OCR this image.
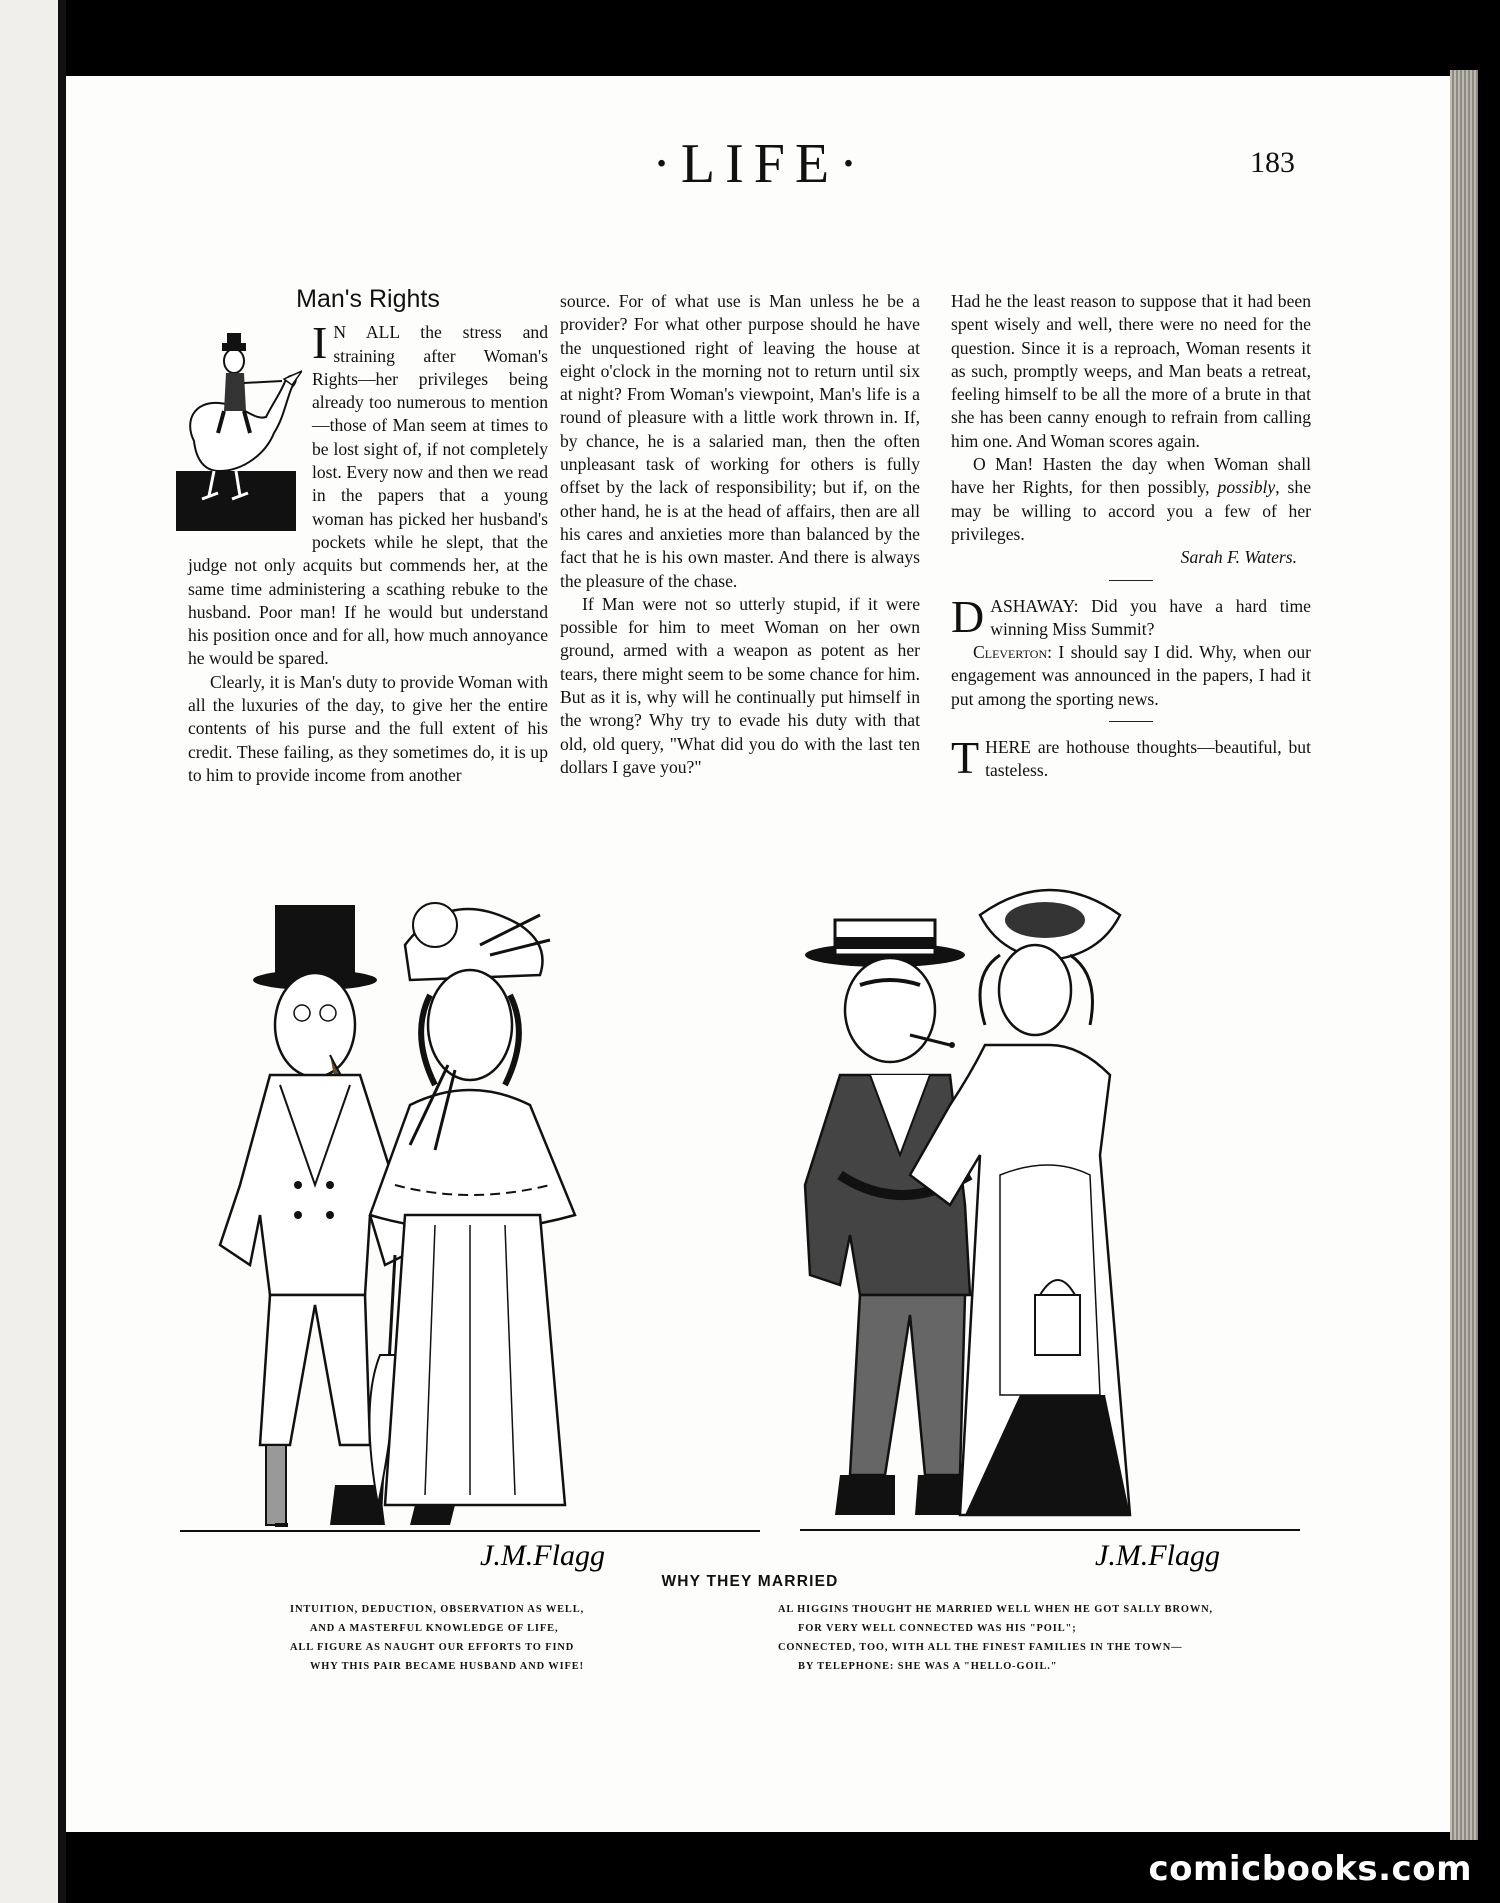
·LIFE·	183
Man's Rights

I N ALL the stress and straining after Woman's Rights—her privileges being already too numerous to mention—those of Man seem at times to be lost sight of, if not completely lost. Every now and then we read in the papers that a young woman has picked her husband's pockets while he slept, that the judge not only acquits but commends her, at the same time administering a scathing rebuke to the husband. Poor man! If he would but understand his position once and for all, how much annoyance he would be spared.

Clearly, it is Man's duty to provide Woman with all the luxuries of the day, to give her the entire contents of his purse and the full extent of his credit. These failing, as they sometimes do, it is up to him to provide income from another

source. For of what use is Man unless he be a provider? For what other purpose should he have the unquestioned right of leaving the house at eight o'clock in the morning not to return until six at night? From Woman's viewpoint, Man's life is a round of pleasure with a little work thrown in. If, by chance, he is a salaried man, then the often unpleasant task of working for others is fully offset by the lack of responsibility; but if, on the other hand, he is at the head of affairs, then are all his cares and anxieties more than balanced by the fact that he is his own master. And there is always the pleasure of the chase.

If Man were not so utterly stupid, if it were possible for him to meet Woman on her own ground, armed with a weapon as potent as her tears, there might seem to be some chance for him. But as it is, why will he continually put himself in the wrong? Why try to evade his duty with that old, old query, "What did you do with the last ten dollars I gave you?"

Had he the least reason to suppose that it had been spent wisely and well, there were no need for the question. Since it is a reproach, Woman resents it as such, promptly weeps, and Man beats a retreat, feeling himself to be all the more of a brute in that she has been canny enough to refrain from calling him one. And Woman scores again.

O Man! Hasten the day when Woman shall have her Rights, for then possibly, possibly, she may be willing to accord you a few of her privileges.

Sarah F. Waters.

DASHAWAY: Did you have a hard time winning Miss Summit?

Cleverton: I should say I did. Why, when our engagement was announced in the papers, I had it put among the sporting news.

THERE are hothouse thoughts—beautiful, but tasteless.

J.M.Flagg	J.M.Flagg
WHY THEY MARRIED
INTUITION, DEDUCTION, OBSERVATION AS WELL,
AND A MASTERFUL KNOWLEDGE OF LIFE,
ALL FIGURE AS NAUGHT OUR EFFORTS TO FIND
WHY THIS PAIR BECAME HUSBAND AND WIFE!
AL HIGGINS THOUGHT HE MARRIED WELL WHEN HE GOT SALLY BROWN,
FOR VERY WELL CONNECTED WAS HIS "POIL";
CONNECTED, TOO, WITH ALL THE FINEST FAMILIES IN THE TOWN—
BY TELEPHONE: SHE WAS A "HELLO-GOIL."
comicbooks.com
